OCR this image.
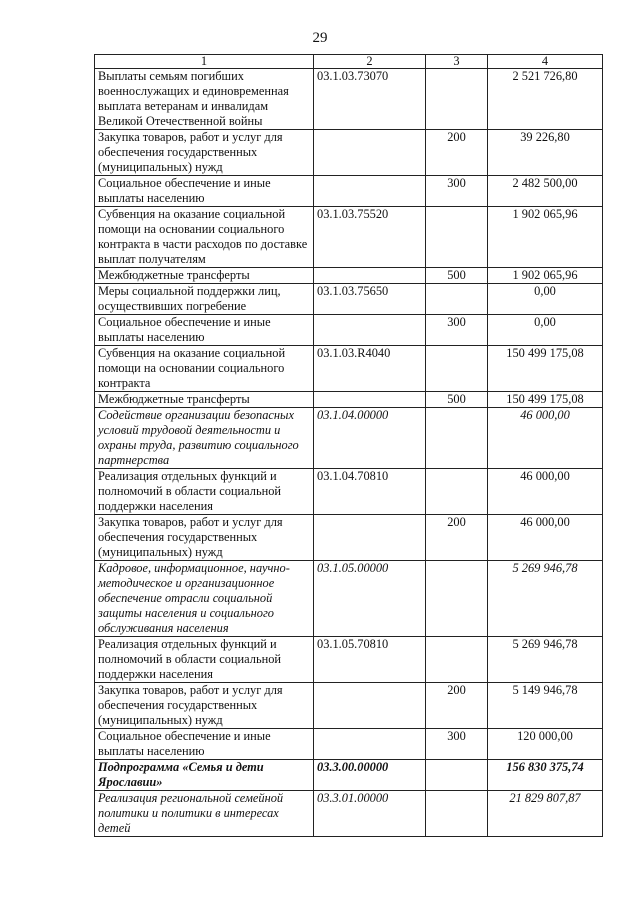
29
1	2	3	4
Выплаты семьям погибших военнослужащих и единовременная выплата ветеранам и инвалидам Великой Отечественной войны	03.1.03.73070		2 521 726,80
Закупка товаров, работ и услуг для обеспечения государственных (муниципальных) нужд		200	39 226,80
Социальное обеспечение и иные выплаты населению		300	2 482 500,00
Субвенция на оказание социальной помощи на основании социального контракта в части расходов по доставке выплат получателям	03.1.03.75520		1 902 065,96
Межбюджетные трансферты		500	1 902 065,96
Меры социальной поддержки лиц, осуществивших погребение	03.1.03.75650		0,00
Социальное обеспечение и иные выплаты населению		300	0,00
Субвенция на оказание социальной помощи на основании социального контракта	03.1.03.R4040		150 499 175,08
Межбюджетные трансферты		500	150 499 175,08
Содействие организации безопасных условий трудовой деятельности и охраны труда, развитию социального партнерства	03.1.04.00000		46 000,00
Реализация отдельных функций и полномочий в области социальной поддержки населения	03.1.04.70810		46 000,00
Закупка товаров, работ и услуг для обеспечения государственных (муниципальных) нужд		200	46 000,00
Кадровое, информационное, научно-методическое и организационное обеспечение отрасли социальной защиты населения и социального обслуживания населения	03.1.05.00000		5 269 946,78
Реализация отдельных функций и полномочий в области социальной поддержки населения	03.1.05.70810		5 269 946,78
Закупка товаров, работ и услуг для обеспечения государственных (муниципальных) нужд		200	5 149 946,78
Социальное обеспечение и иные выплаты населению		300	120 000,00
Подпрограмма «Семья и дети Ярославии»	03.3.00.00000		156 830 375,74
Реализация региональной семейной политики и политики в интересах детей	03.3.01.00000		21 829 807,87
